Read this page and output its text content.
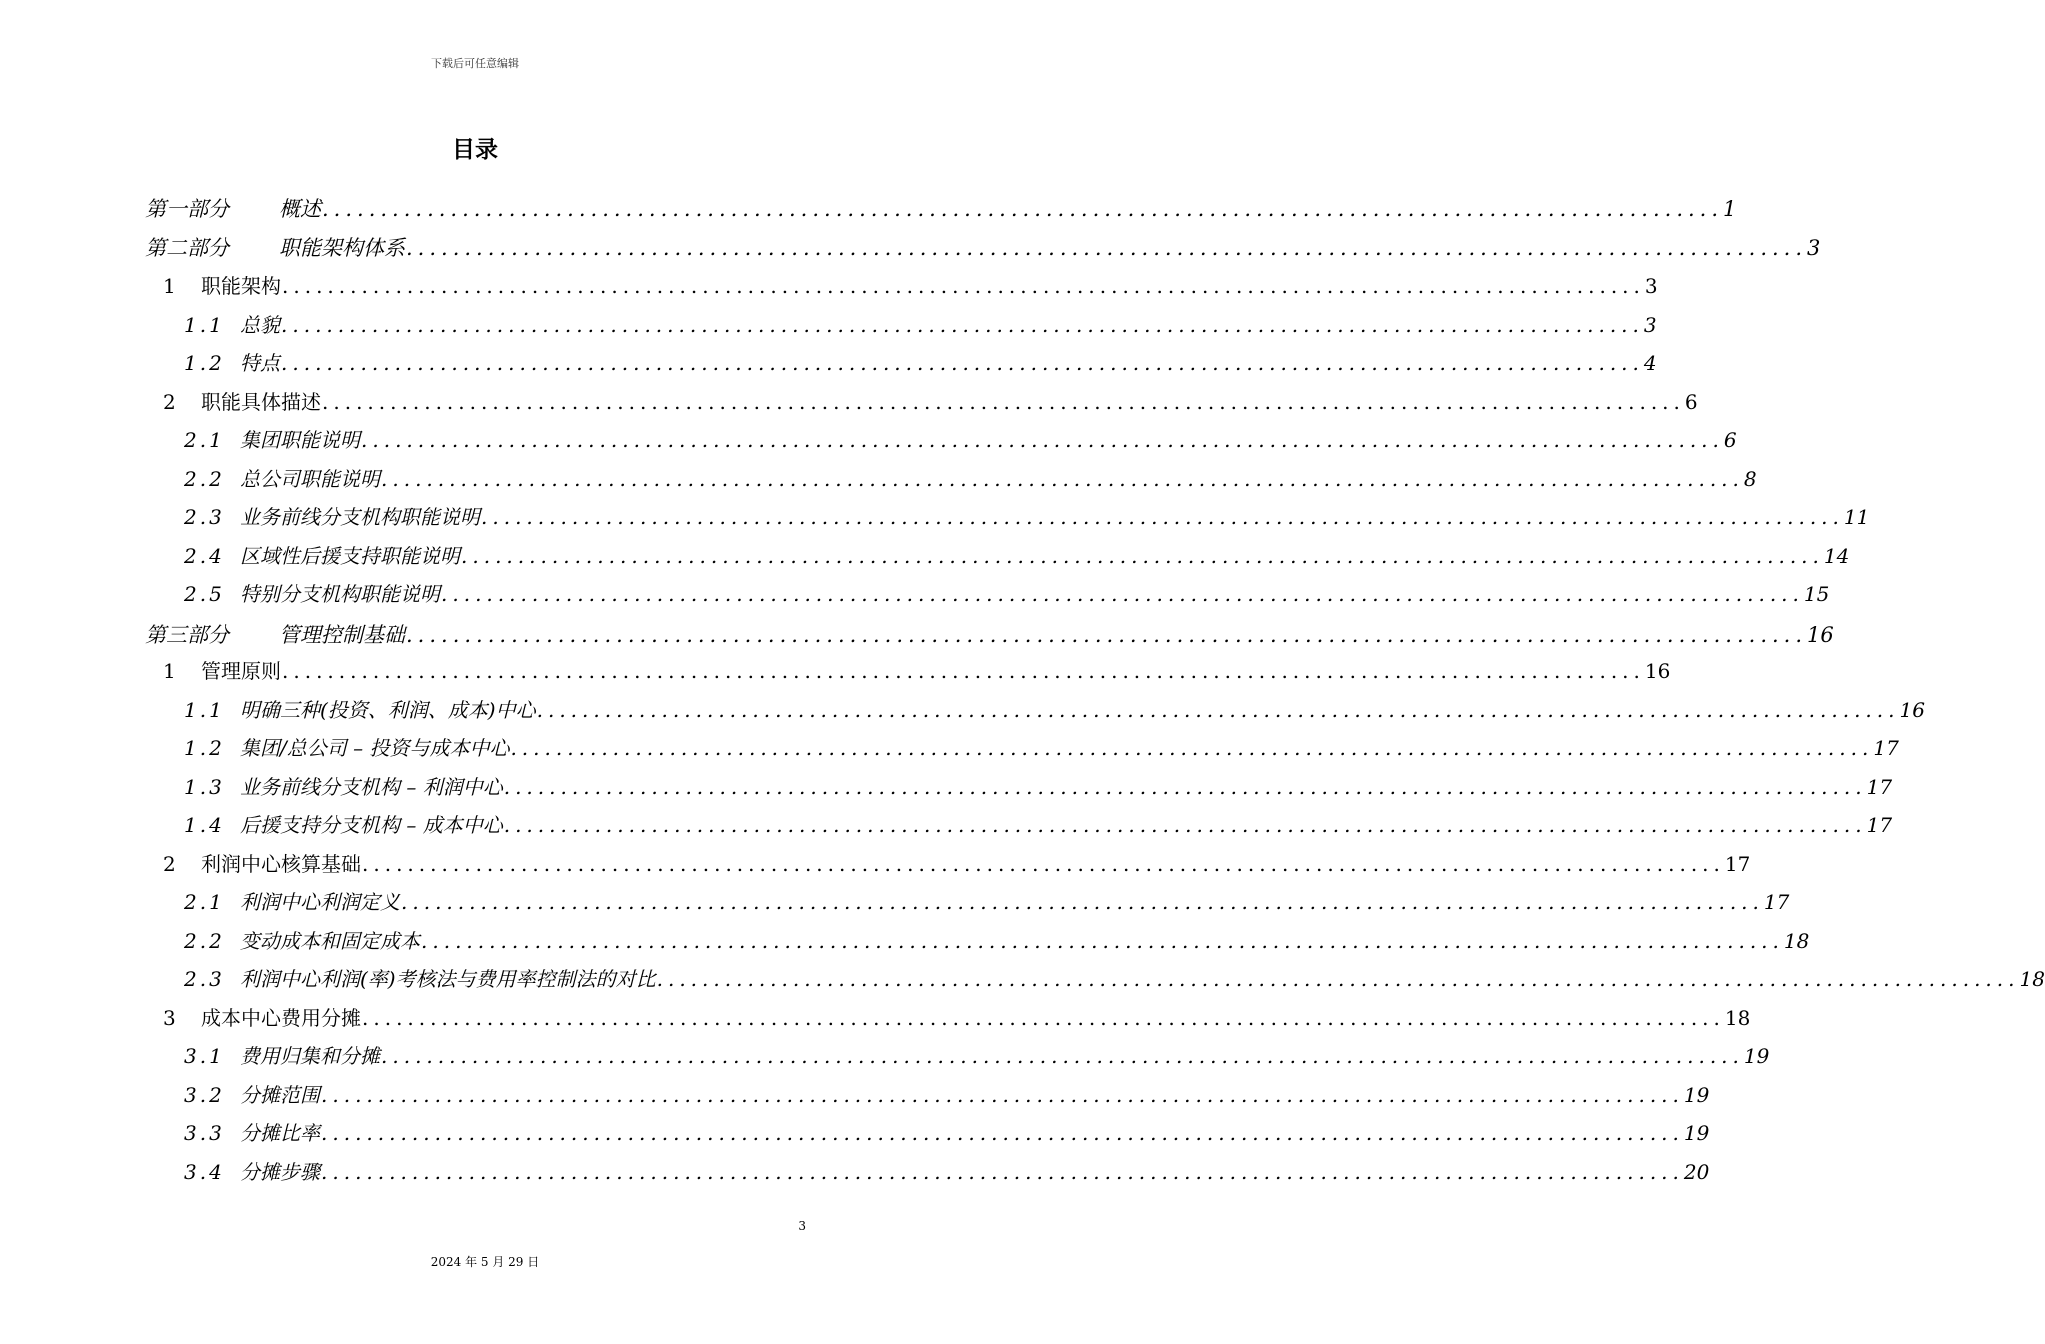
下载后可任意编辑
目录
第一部分	概述 ........................................................................................................................ 1
第二部分	职能架构体系 ........................................................................................................................ 3
1	职能架构 ........................................................................................................................ 3
1.1 总貌 ........................................................................................................................ 3
1.2 特点 ........................................................................................................................ 4
2	职能具体描述 ........................................................................................................................ 6
2.1 集团职能说明 ........................................................................................................................ 6
2.2 总公司职能说明 ........................................................................................................................ 8
2.3 业务前线分支机构职能说明 ........................................................................................................................ 11
2.4 区域性后援支持职能说明 ........................................................................................................................ 14
2.5 特别分支机构职能说明 ........................................................................................................................ 15
第三部分	管理控制基础 ........................................................................................................................ 16
1	管理原则 ........................................................................................................................ 16
1.1 明确三种(投资、利润、成本)中心 ........................................................................................................................ 16
1.2 集团/总公司 – 投资与成本中心 ........................................................................................................................ 17
1.3 业务前线分支机构 – 利润中心 ........................................................................................................................ 17
1.4 后援支持分支机构 – 成本中心 ........................................................................................................................ 17
2	利润中心核算基础 ........................................................................................................................ 17
2.1 利润中心利润定义 ........................................................................................................................ 17
2.2 变动成本和固定成本 ........................................................................................................................ 18
2.3 利润中心利润(率)考核法与费用率控制法的对比 ........................................................................................................................ 18
3	成本中心费用分摊 ........................................................................................................................ 18
3.1 费用归集和分摊 ........................................................................................................................ 19
3.2 分摊范围 ........................................................................................................................ 19
3.3 分摊比率 ........................................................................................................................ 19
3.4 分摊步骤 ........................................................................................................................ 20
3
2024 年 5 月 29 日
